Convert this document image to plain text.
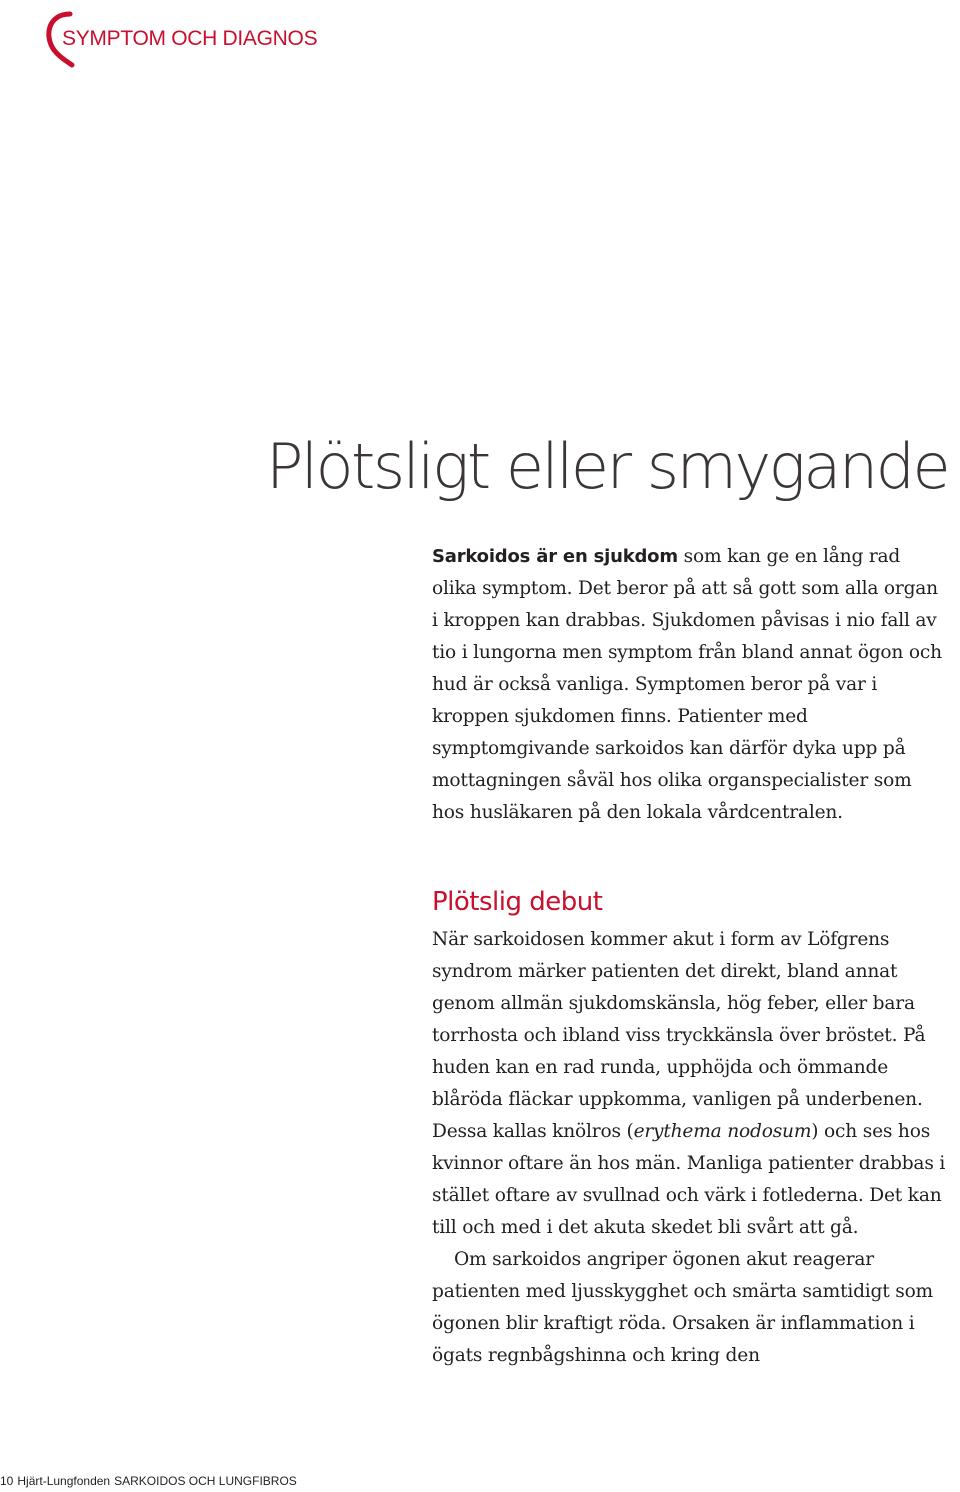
SYMPTOM OCH DIAGNOS
Plötsligt eller smygande

Sarkoidos är en sjukdom som kan ge en lång rad olika symptom. Det beror på att så gott som alla organ i kroppen kan drabbas. Sjukdomen påvisas i nio fall av tio i lungorna men symptom från bland annat ögon och hud är också vanliga. Symptomen beror på var i kroppen sjukdomen finns. Patienter med symptomgivande sarkoidos kan därför dyka upp på mottagningen såväl hos olika organspecialister som hos husläkaren på den lokala vårdcentralen.

Plötslig debut

När sarkoidosen kommer akut i form av Löfgrens syndrom märker patienten det direkt, bland annat genom allmän sjukdomskänsla, hög feber, eller bara torrhosta och ibland viss tryckkänsla över bröstet. På huden kan en rad runda, upphöjda och ömmande blåröda fläckar uppkomma, vanligen på underbenen. Dessa kallas knölros (erythema nodosum) och ses hos kvinnor oftare än hos män. Manliga patienter drabbas i stället oftare av svullnad och värk i fotlederna. Det kan till och med i det akuta skedet bli svårt att gå.

Om sarkoidos angriper ögonen akut reagerar patienten med ljusskygghet och smärta samtidigt som ögonen blir kraftigt röda. Orsaken är inflammation i ögats regnbågshinna och kring den

10 Hjärt-Lungfonden SARKOIDOS OCH LUNGFIBROS
